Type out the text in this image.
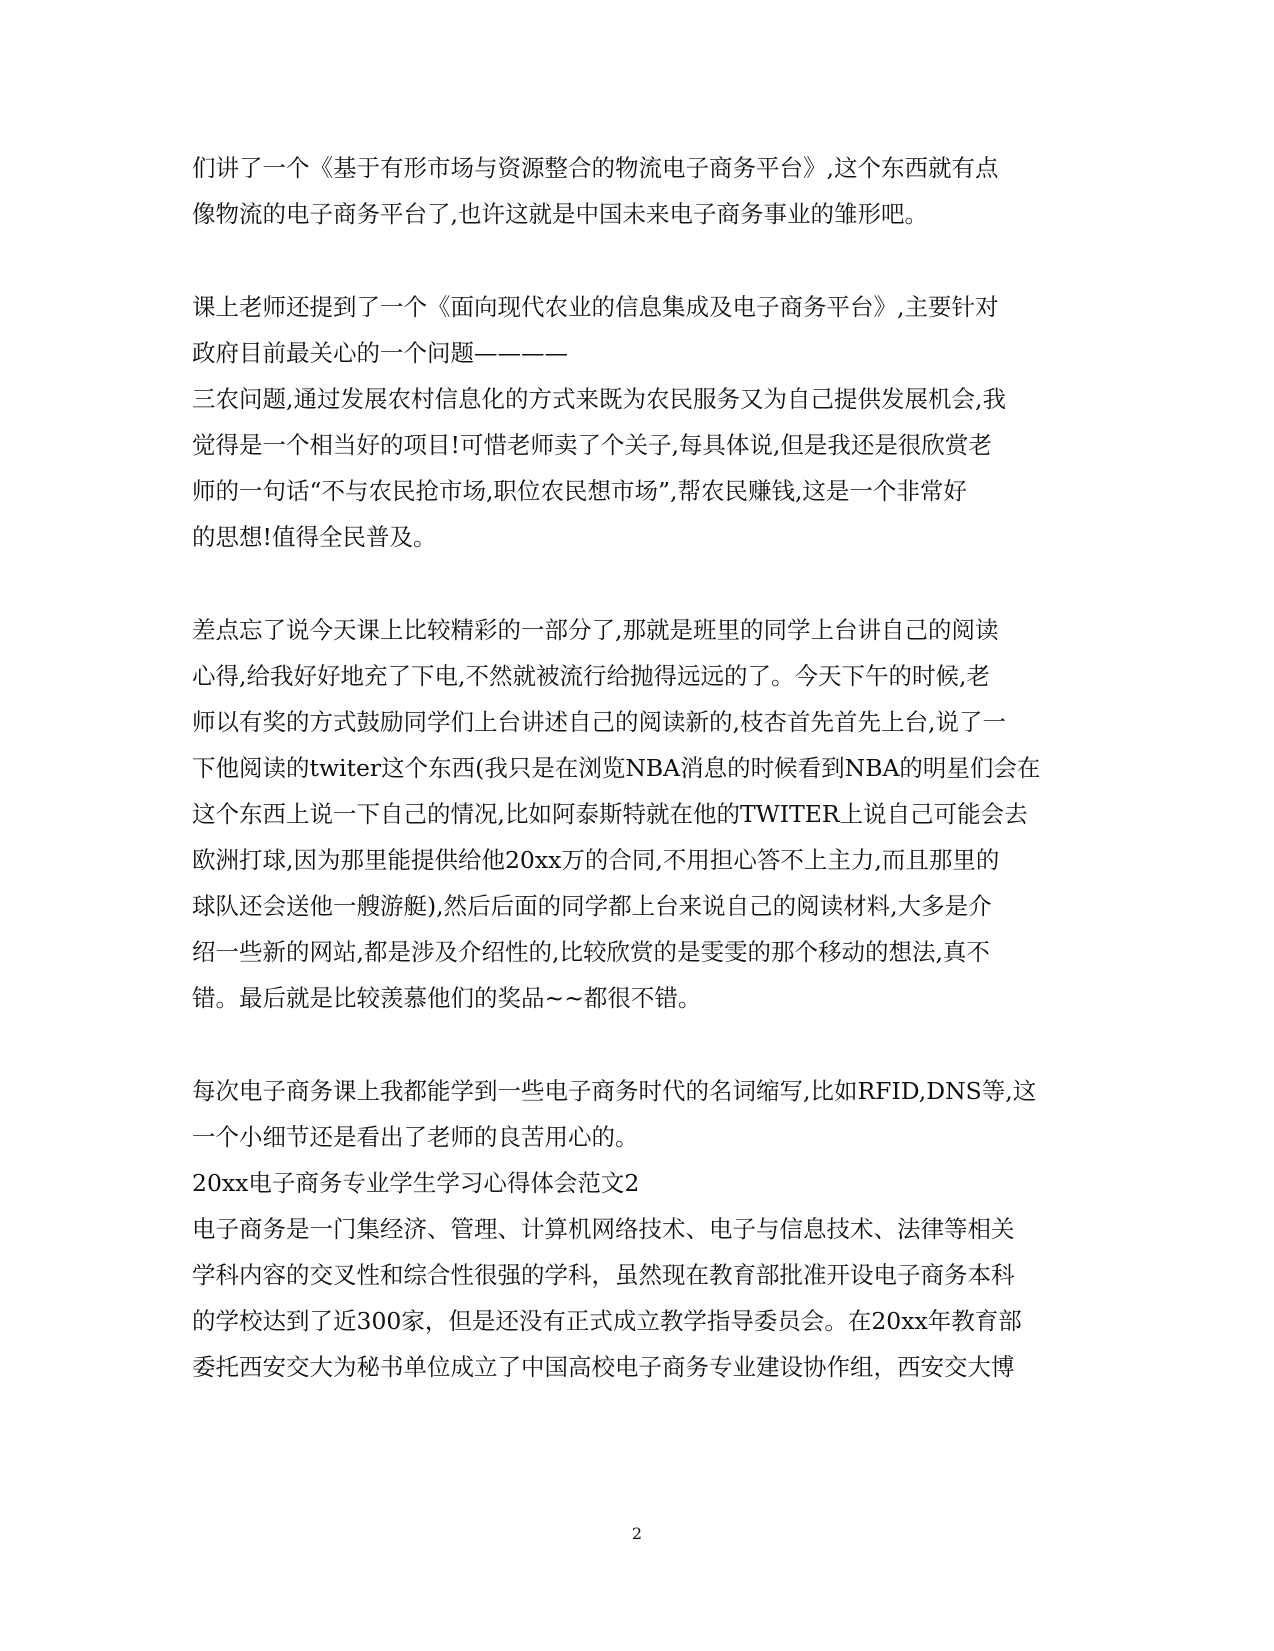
们讲了一个《基于有形市场与资源整合的物流电子商务平台》,这个东西就有点
像物流的电子商务平台了,也许这就是中国未来电子商务事业的雏形吧。
课上老师还提到了一个《面向现代农业的信息集成及电子商务平台》,主要针对
政府目前最关心的一个问题————
三农问题,通过发展农村信息化的方式来既为农民服务又为自己提供发展机会,我
觉得是一个相当好的项目!可惜老师卖了个关子,每具体说,但是我还是很欣赏老
师的一句话“不与农民抢市场,职位农民想市场”,帮农民赚钱,这是一个非常好
的思想!值得全民普及。
差点忘了说今天课上比较精彩的一部分了,那就是班里的同学上台讲自己的阅读
心得,给我好好地充了下电,不然就被流行给抛得远远的了。今天下午的时候,老
师以有奖的方式鼓励同学们上台讲述自己的阅读新的,枝杏首先首先上台,说了一
下他阅读的twiter这个东西(我只是在浏览NBA消息的时候看到NBA的明星们会在
这个东西上说一下自己的情况,比如阿泰斯特就在他的TWITER上说自己可能会去
欧洲打球,因为那里能提供给他20xx万的合同,不用担心答不上主力,而且那里的
球队还会送他一艘游艇),然后后面的同学都上台来说自己的阅读材料,大多是介
绍一些新的网站,都是涉及介绍性的,比较欣赏的是雯雯的那个移动的想法,真不
错。最后就是比较羡慕他们的奖品~~都很不错。
每次电子商务课上我都能学到一些电子商务时代的名词缩写,比如RFID,DNS等,这
一个小细节还是看出了老师的良苦用心的。
20xx电子商务专业学生学习心得体会范文2
电子商务是一门集经济、管理、计算机网络技术、电子与信息技术、法律等相关
学科内容的交叉性和综合性很强的学科，虽然现在教育部批准开设电子商务本科
的学校达到了近300家，但是还没有正式成立教学指导委员会。在20xx年教育部
委托西安交大为秘书单位成立了中国高校电子商务专业建设协作组，西安交大博
2
